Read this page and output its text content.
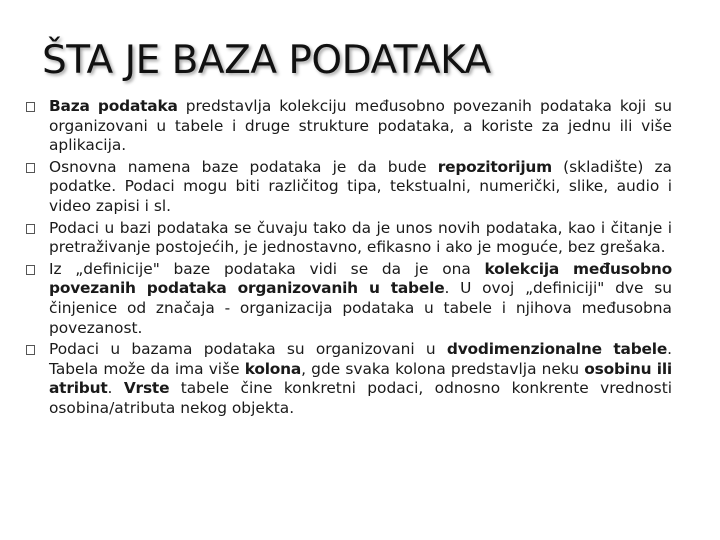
ŠTA JE BAZA PODATAKA
Baza podataka predstavlja kolekciju međusobno povezanih podataka koji su organizovani u tabele i druge strukture podataka, a koriste za jednu ili više aplikacija.
Osnovna namena baze podataka je da bude repozitorijum (skladište) za podatke. Podaci mogu biti različitog tipa, tekstualni, numerički, slike, audio i video zapisi i sl.
Podaci u bazi podataka se čuvaju tako da je unos novih podataka, kao i čitanje i pretraživanje postojećih, je jednostavno, efikasno i ako je moguće, bez grešaka.
Iz „definicije" baze podataka vidi se da je ona kolekcija međusobno povezanih podataka organizovanih u tabele. U ovoj „definiciji" dve su činjenice od značaja - organizacija podataka u tabele i njihova međusobna povezanost.
Podaci u bazama podataka su organizovani u dvodimenzionalne tabele. Tabela može da ima više kolona, gde svaka kolona predstavlja neku osobinu ili atribut. Vrste tabele čine konkretni podaci, odnosno konkrentе vrednosti osobina/atributa nekog objekta.
